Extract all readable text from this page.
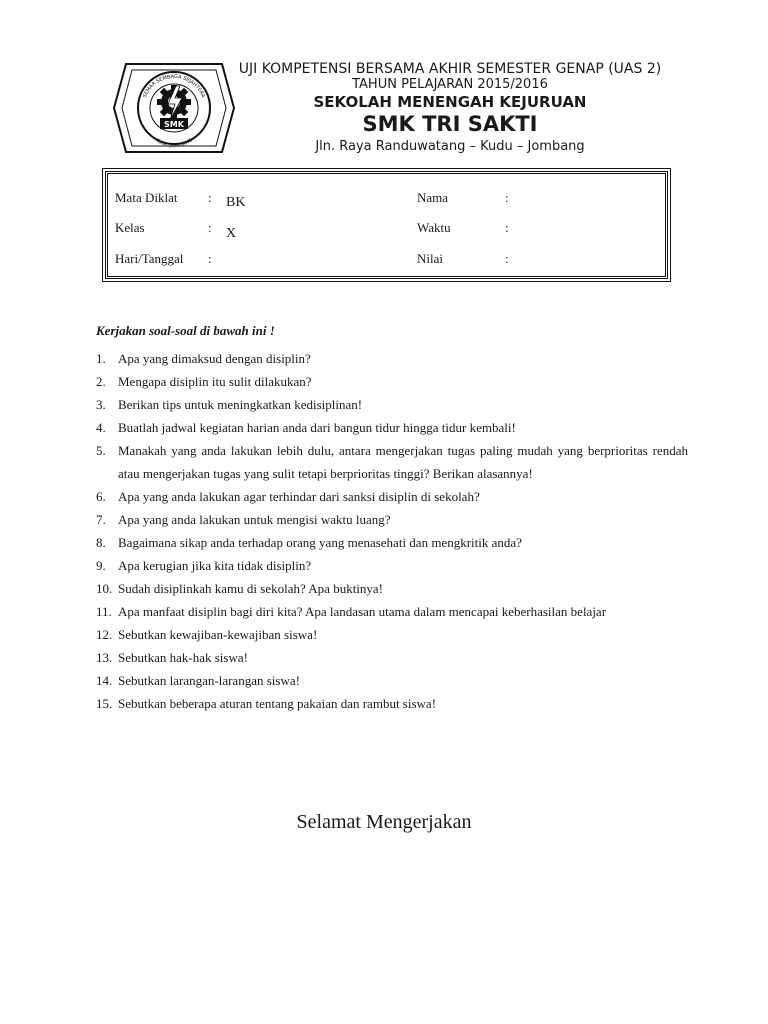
SMK
SEMAR SEMBAGA SEJAHTERA
KUDU JOMBANG
UJI KOMPETENSI BERSAMA AKHIR SEMESTER GENAP (UAS 2)
TAHUN PELAJARAN 2015/2016
SEKOLAH MENENGAH KEJURUAN
SMK TRI SAKTI
Jln. Raya Randuwatang – Kudu – Jombang
Mata Diklat : BK
Kelas	: X
Hari/Tanggal :
Nama	:
Waktu	:
Nilai	:
Kerjakan soal-soal di bawah ini !
1. Apa yang dimaksud dengan disiplin?
2. Mengapa disiplin itu sulit dilakukan?
3. Berikan tips untuk meningkatkan kedisiplinan!
4. Buatlah jadwal kegiatan harian anda dari bangun tidur hingga tidur kembali!
5. Manakah yang anda lakukan lebih dulu, antara mengerjakan tugas paling mudah yang berprioritas rendah atau mengerjakan tugas yang sulit tetapi berprioritas tinggi? Berikan alasannya!
6. Apa yang anda lakukan agar terhindar dari sanksi disiplin di sekolah?
7. Apa yang anda lakukan untuk mengisi waktu luang?
8. Bagaimana sikap anda terhadap orang yang menasehati dan mengkritik anda?
9. Apa kerugian jika kita tidak disiplin?
10. Sudah disiplinkah kamu di sekolah? Apa buktinya!
11. Apa manfaat disiplin bagi diri kita? Apa landasan utama dalam mencapai keberhasilan belajar
12. Sebutkan kewajiban-kewajiban siswa!
13. Sebutkan hak-hak siswa!
14. Sebutkan larangan-larangan siswa!
15. Sebutkan beberapa aturan tentang pakaian dan rambut siswa!
Selamat Mengerjakan
